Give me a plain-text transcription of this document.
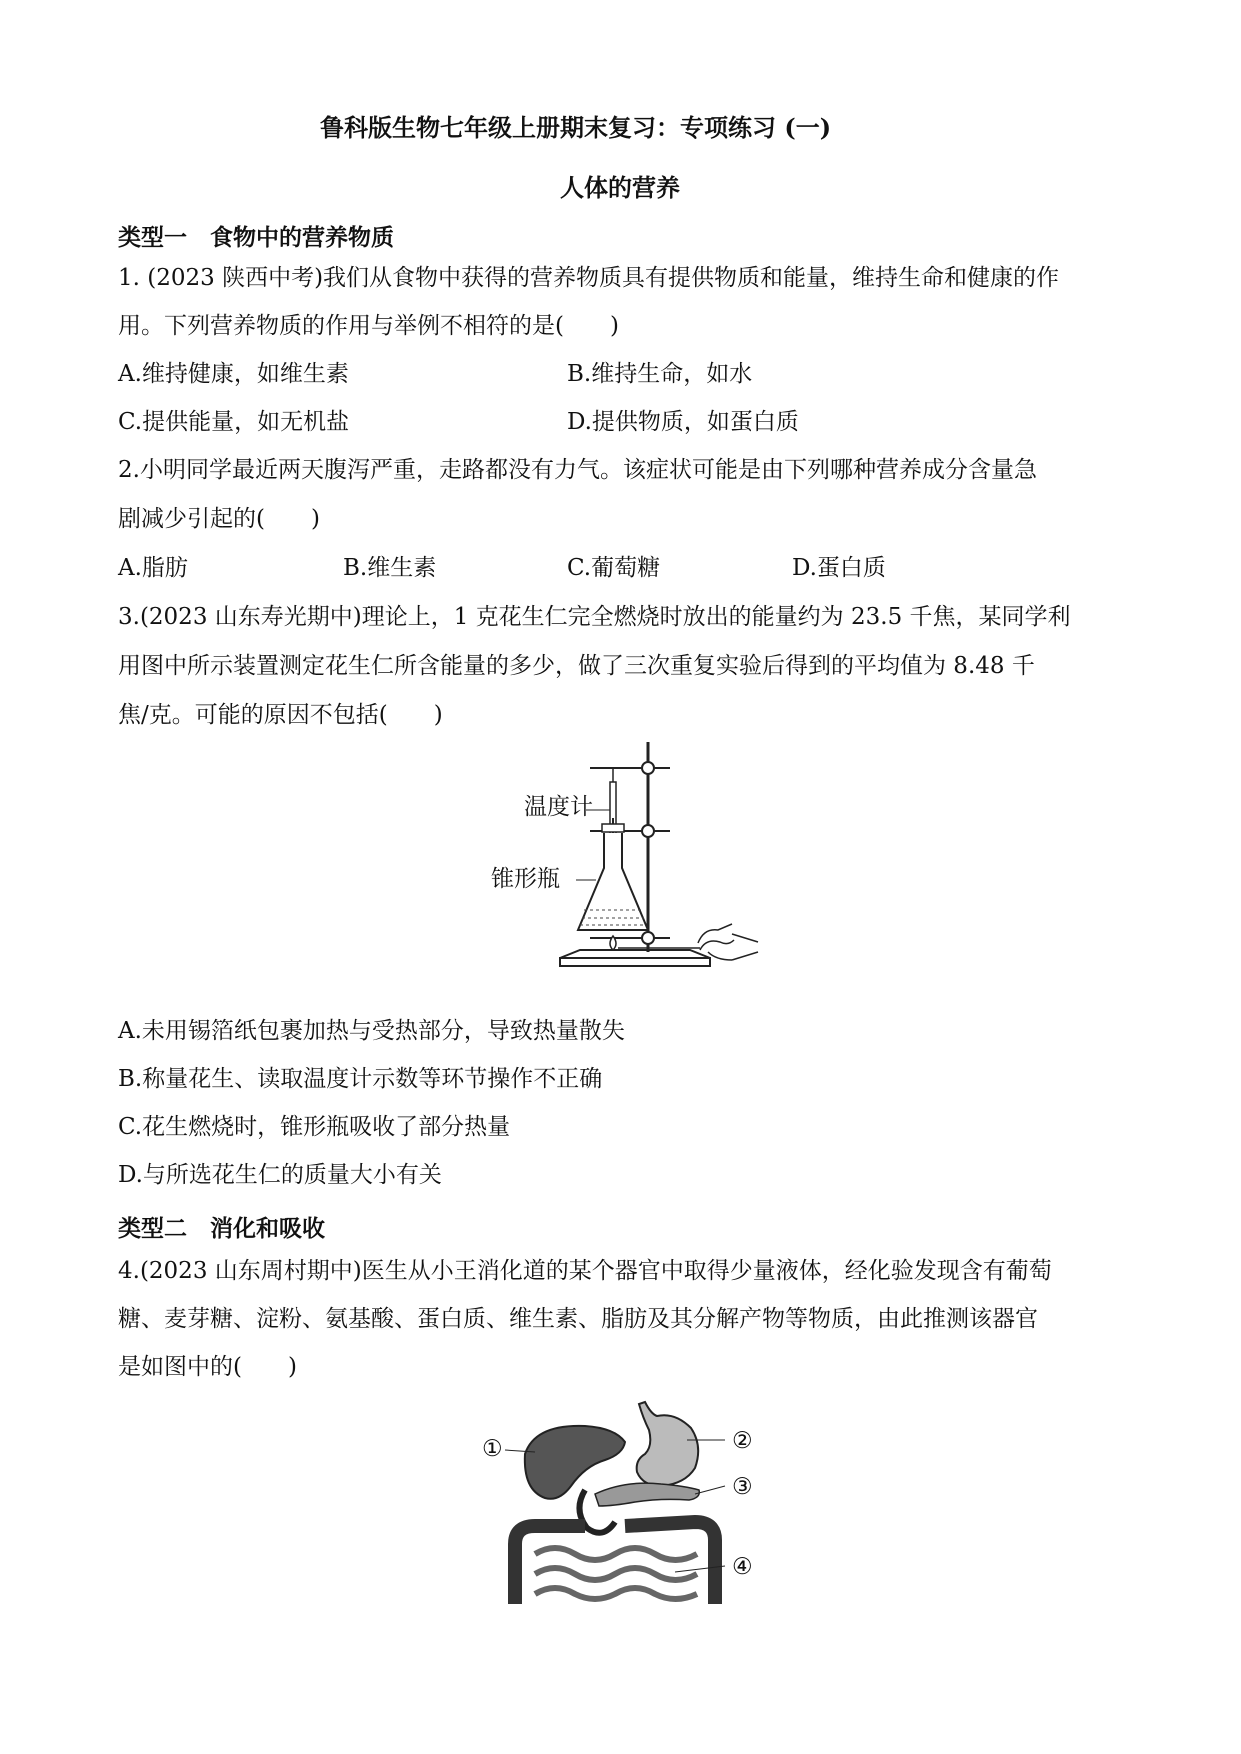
鲁科版生物七年级上册期末复习：专项练习 (一)
人体的营养
类型一　食物中的营养物质
1. (2023 陕西中考)我们从食物中获得的营养物质具有提供物质和能量，维持生命和健康的作
用。下列营养物质的作用与举例不相符的是(　　)
A.维持健康，如维生素	B.维持生命，如水
C.提供能量，如无机盐	D.提供物质，如蛋白质
2.小明同学最近两天腹泻严重，走路都没有力气。该症状可能是由下列哪种营养成分含量急
剧减少引起的(　　)
A.脂肪	B.维生素	C.葡萄糖	D.蛋白质
3.(2023 山东寿光期中)理论上，1 克花生仁完全燃烧时放出的能量约为 23.5 千焦，某同学利
用图中所示装置测定花生仁所含能量的多少，做了三次重复实验后得到的平均值为 8.48 千
焦/克。可能的原因不包括(　　)
温度计
锥形瓶
A.未用锡箔纸包裹加热与受热部分，导致热量散失
B.称量花生、读取温度计示数等环节操作不正确
C.花生燃烧时，锥形瓶吸收了部分热量
D.与所选花生仁的质量大小有关
类型二　消化和吸收
4.(2023 山东周村期中)医生从小王消化道的某个器官中取得少量液体，经化验发现含有葡萄
糖、麦芽糖、淀粉、氨基酸、蛋白质、维生素、脂肪及其分解产物等物质，由此推测该器官
是如图中的(　　)
①	②
③
④
